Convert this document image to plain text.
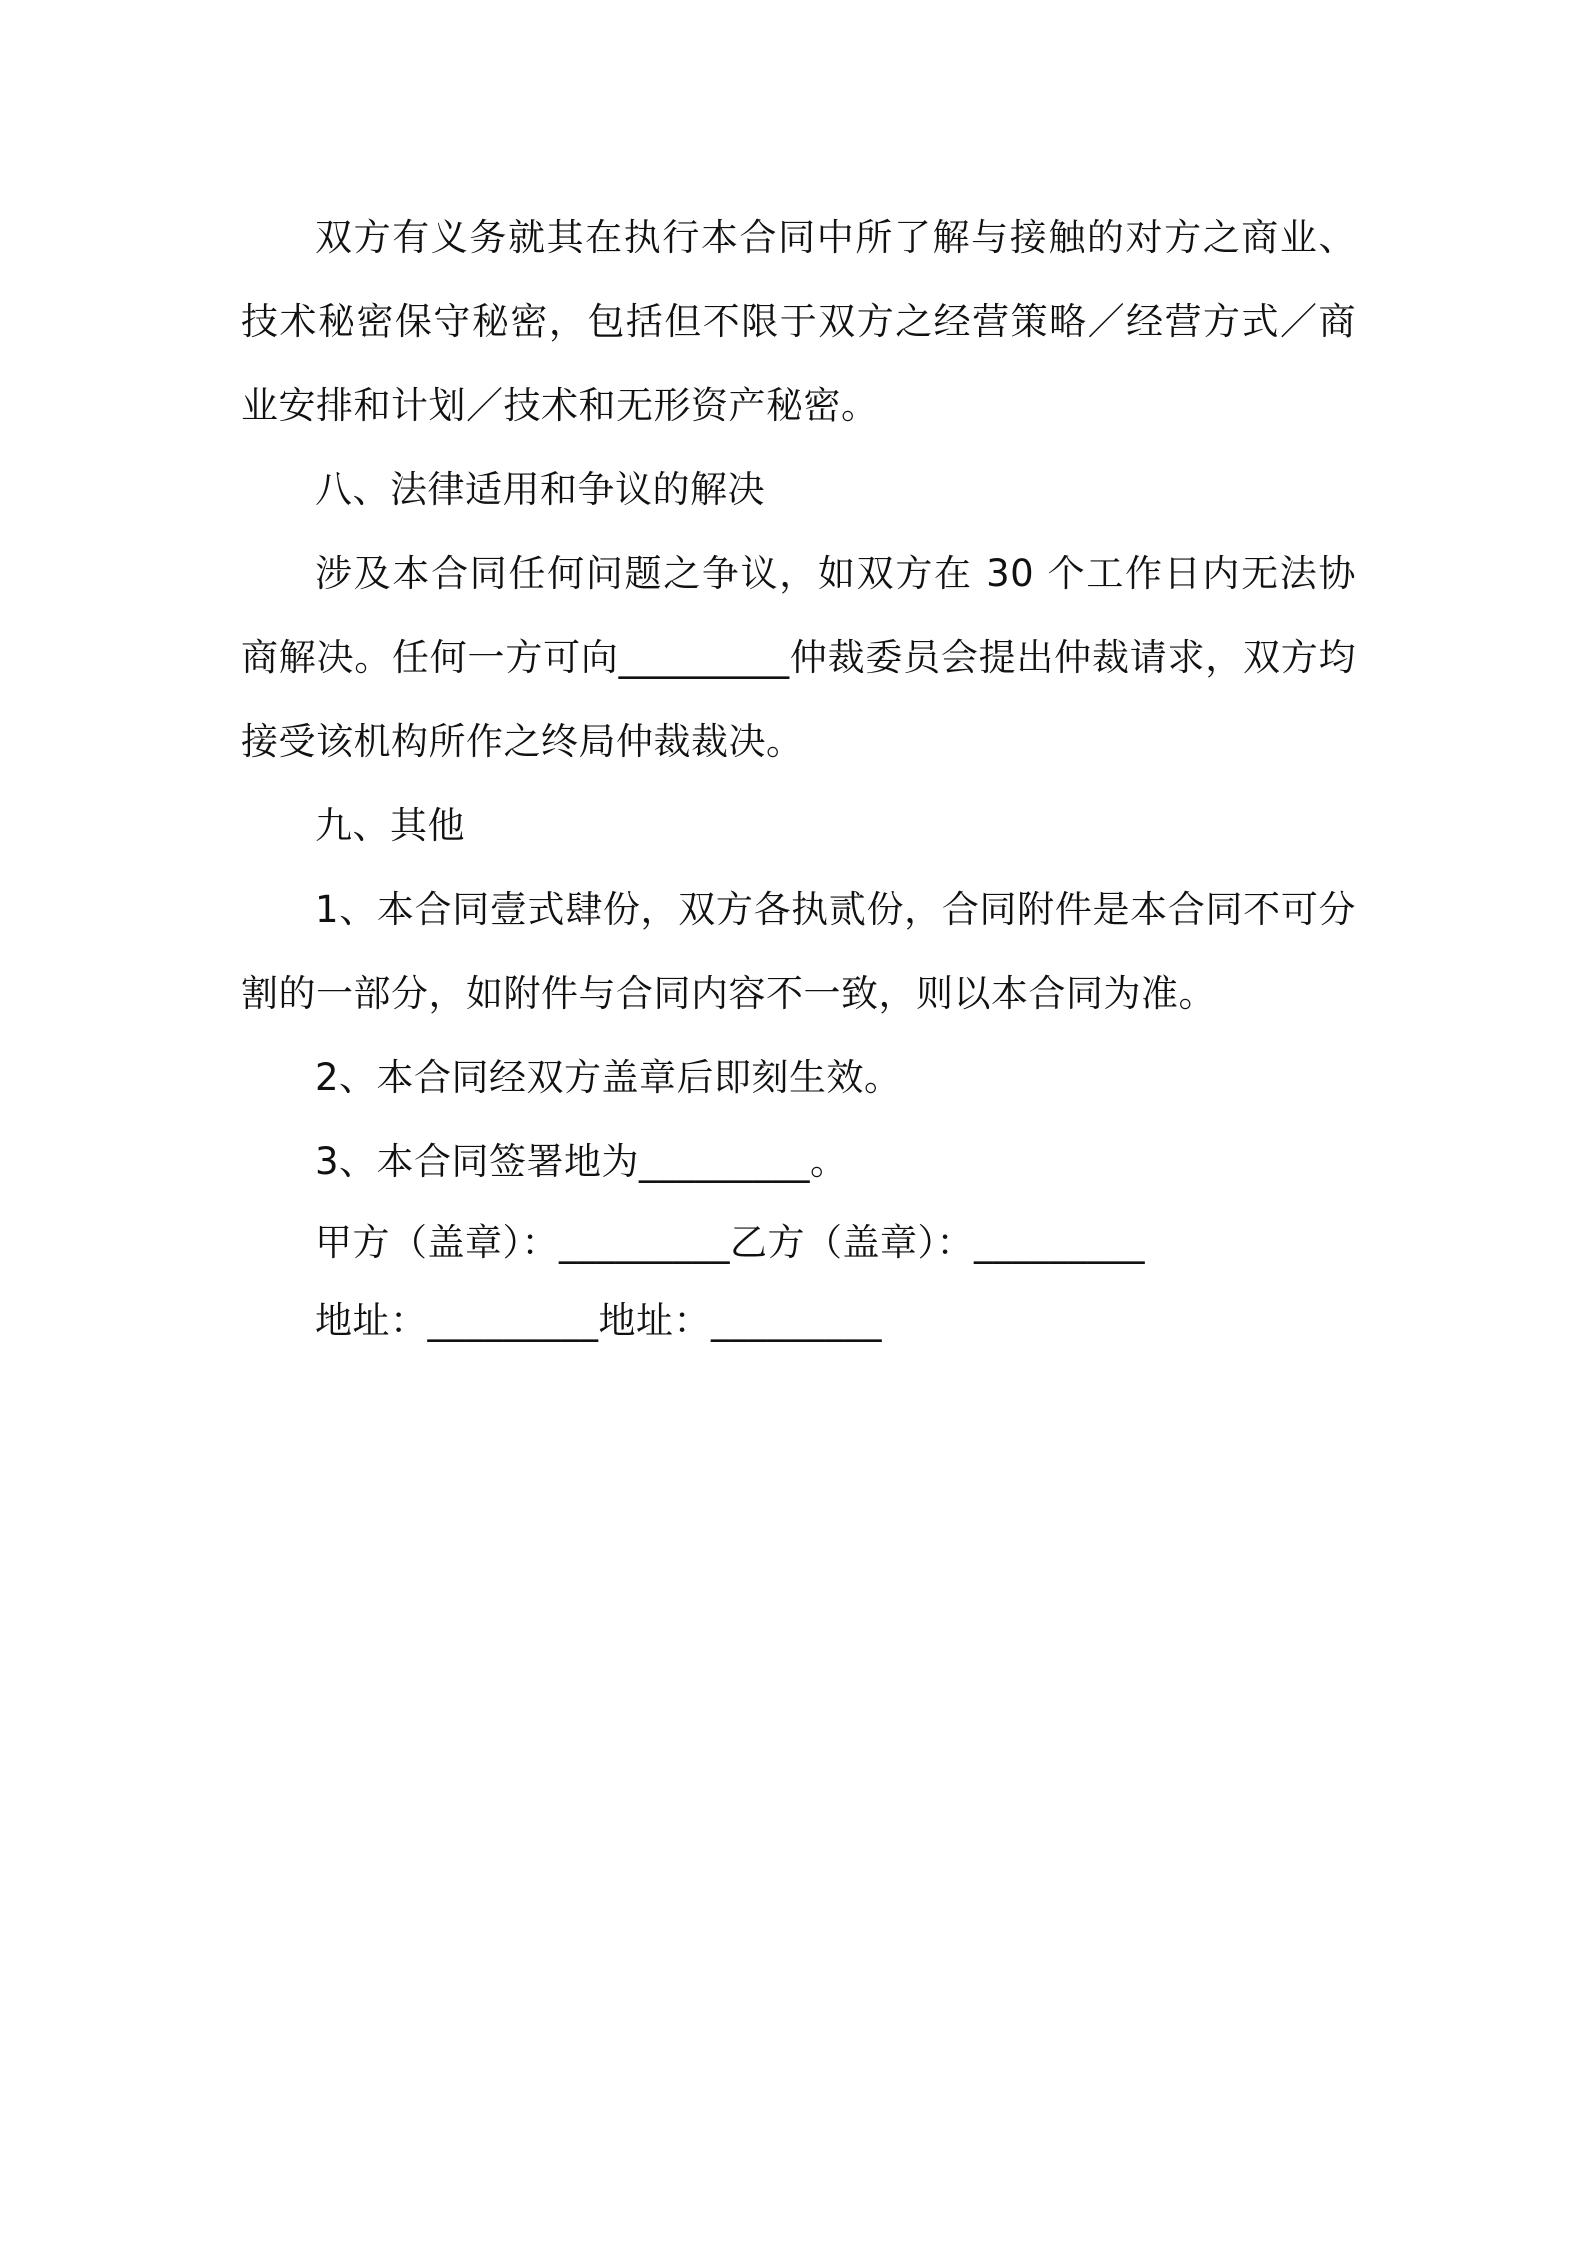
双方有义务就其在执行本合同中所了解与接触的对方之商业、技术秘密保守秘密，包括但不限于双方之经营策略／经营方式／商业安排和计划／技术和无形资产秘密。

八、法律适用和争议的解决

涉及本合同任何问题之争议，如双方在 30 个工作日内无法协商解决。任何一方可向_________仲裁委员会提出仲裁请求，双方均接受该机构所作之终局仲裁裁决。

九、其他

1、本合同壹式肆份，双方各执贰份，合同附件是本合同不可分割的一部分，如附件与合同内容不一致，则以本合同为准。

2、本合同经双方盖章后即刻生效。

3、本合同签署地为_________。

甲方（盖章）：_________乙方（盖章）：_________

地址：_________地址：_________
